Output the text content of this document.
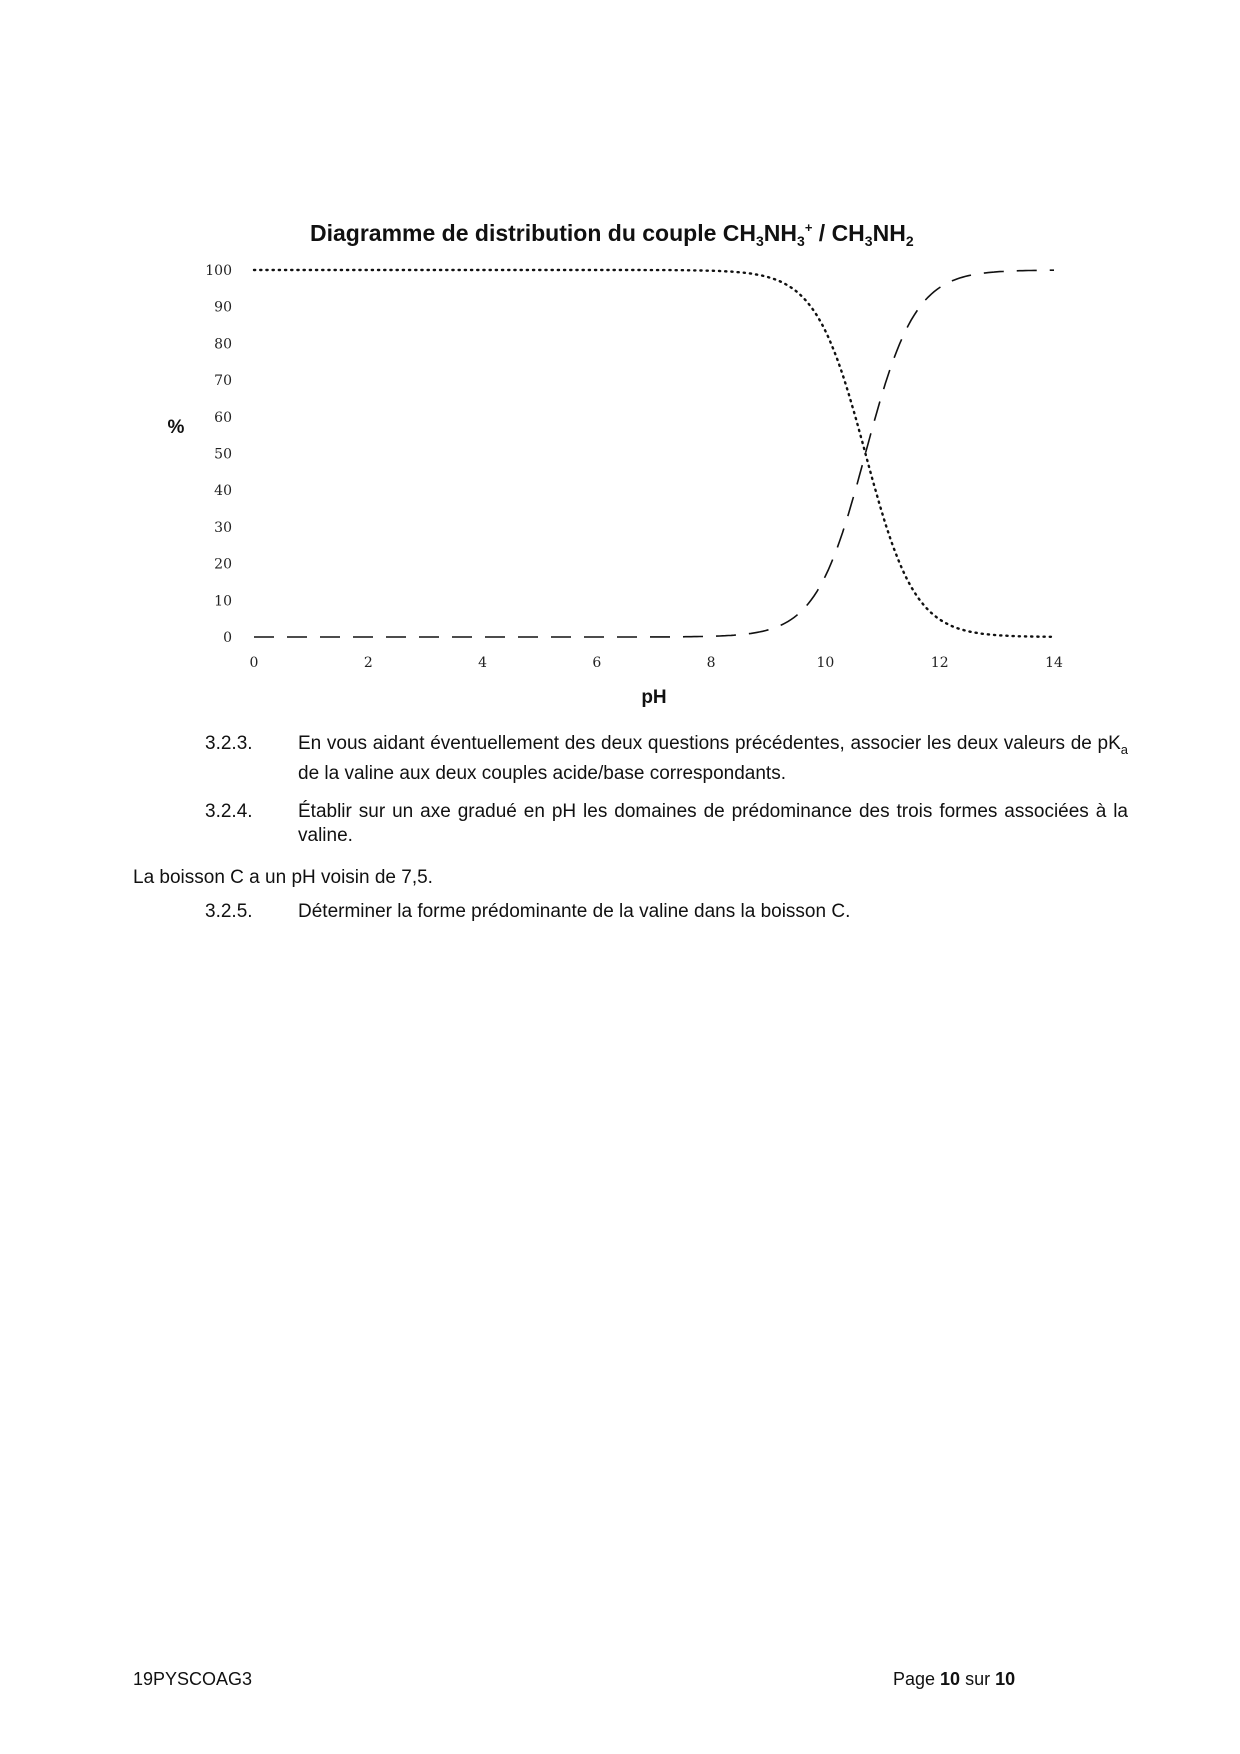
Diagramme de distribution du couple $CH_3NH_3^+ / CH_3NH_2$
0
10
20
30
40
50
60
70
80
90
100
0	2	4	6	8	10	12	14
%
pH
3.2.3. En vous aidant éventuellement des deux questions précédentes, associer les deux valeurs de $pK_a$ de la valine aux deux couples acide/base correspondants.
3.2.4. Établir sur un axe gradué en pH les domaines de prédominance des trois formes associées à la valine.
La boisson C a un pH voisin de 7,5.
3.2.5. Déterminer la forme prédominante de la valine dans la boisson C.
19PYSCOAG3	Page 10 sur 10
